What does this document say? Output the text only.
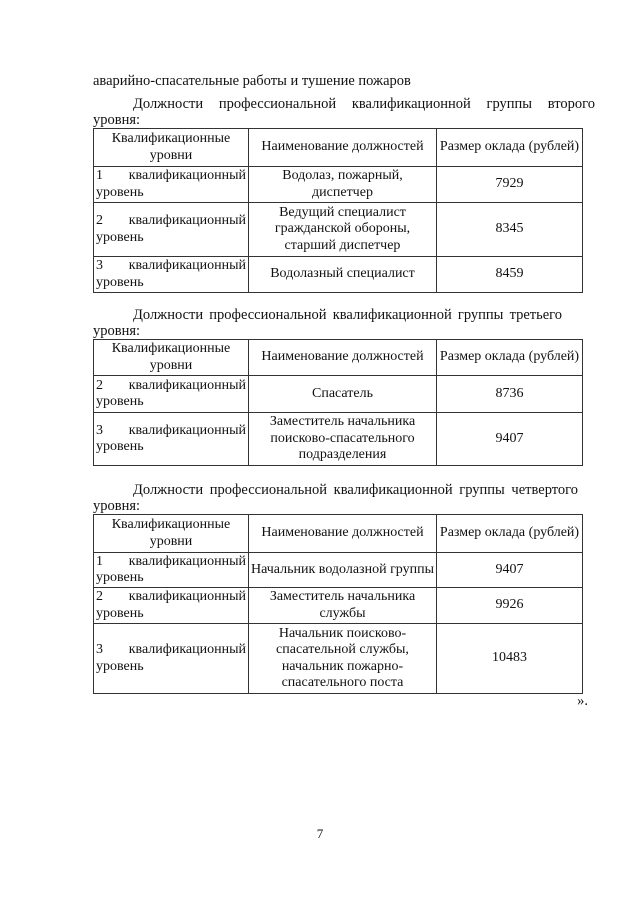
аварийно-спасательные работы и тушение пожаров
Должности профессиональной квалификационной группы второго
уровня:
Квалификационные уровни	Наименование должностей	Размер оклада (рублей)

1 квалификационный
уровень	Водолаз, пожарный, диспетчер	7929

2 квалификационный
уровень	Ведущий специалист гражданской обороны, старший диспетчер	8345

3 квалификационный
уровень	Водолазный специалист	8459
Должности профессиональной квалификационной группы третьего
уровня:
Квалификационные уровни	Наименование должностей	Размер оклада (рублей)

2 квалификационный
уровень	Спасатель	8736

3 квалификационный
уровень	Заместитель начальника поисково-спасательного подразделения	9407
Должности профессиональной квалификационной группы четвертого
уровня:
Квалификационные уровни	Наименование должностей	Размер оклада (рублей)

1 квалификационный
уровень	Начальник водолазной группы	9407

2 квалификационный
уровень	Заместитель начальника службы	9926

3 квалификационный
уровень	Начальник поисково-спасательной службы, начальник пожарно-спасательного поста	10483
».
7
